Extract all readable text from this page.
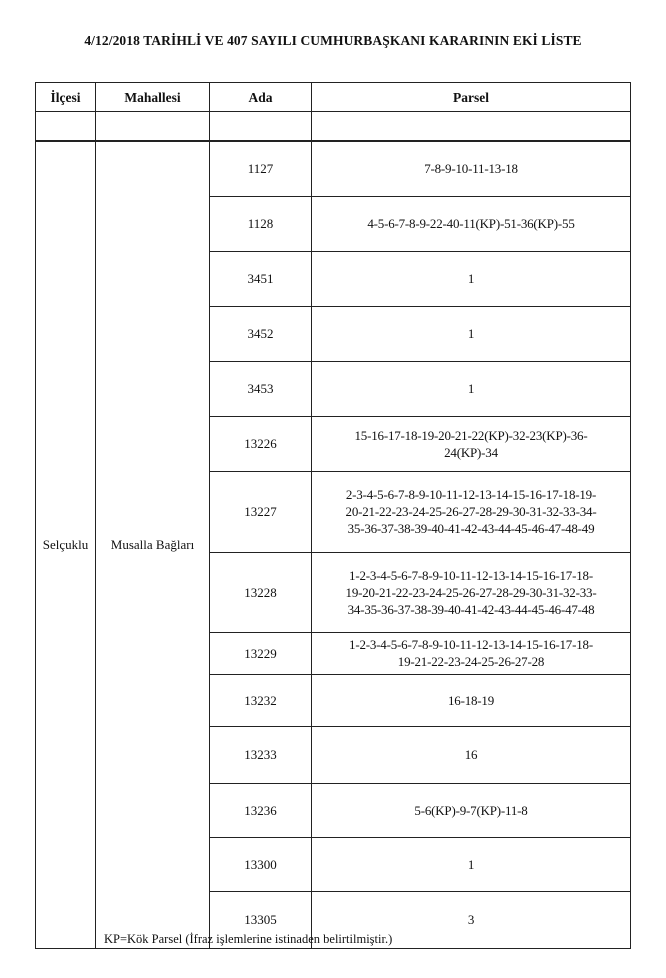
4/12/2018 TARİHLİ VE 407 SAYILI CUMHURBAŞKANI KARARININ EKİ LİSTE
İlçesi	Mahallesi	Ada	Parsel

Selçuklu	Musalla Bağları	1127	7-8-9-10-11-13-18

		1128	4-5-6-7-8-9-22-40-11(KP)-51-36(KP)-55

		3451	1

		3452	1

		3453	1

		13226	15-16-17-18-19-20-21-22(KP)-32-23(KP)-36-
24(KP)-34

		13227	2-3-4-5-6-7-8-9-10-11-12-13-14-15-16-17-18-19-
20-21-22-23-24-25-26-27-28-29-30-31-32-33-34-
35-36-37-38-39-40-41-42-43-44-45-46-47-48-49

		13228	1-2-3-4-5-6-7-8-9-10-11-12-13-14-15-16-17-18-
19-20-21-22-23-24-25-26-27-28-29-30-31-32-33-
34-35-36-37-38-39-40-41-42-43-44-45-46-47-48

		13229	1-2-3-4-5-6-7-8-9-10-11-12-13-14-15-16-17-18-
19-21-22-23-24-25-26-27-28

		13232	16-18-19

		13233	16

		13236	5-6(KP)-9-7(KP)-11-8

		13300	1

		13305	3
KP=Kök Parsel (İfraz işlemlerine istinaden belirtilmiştir.)
